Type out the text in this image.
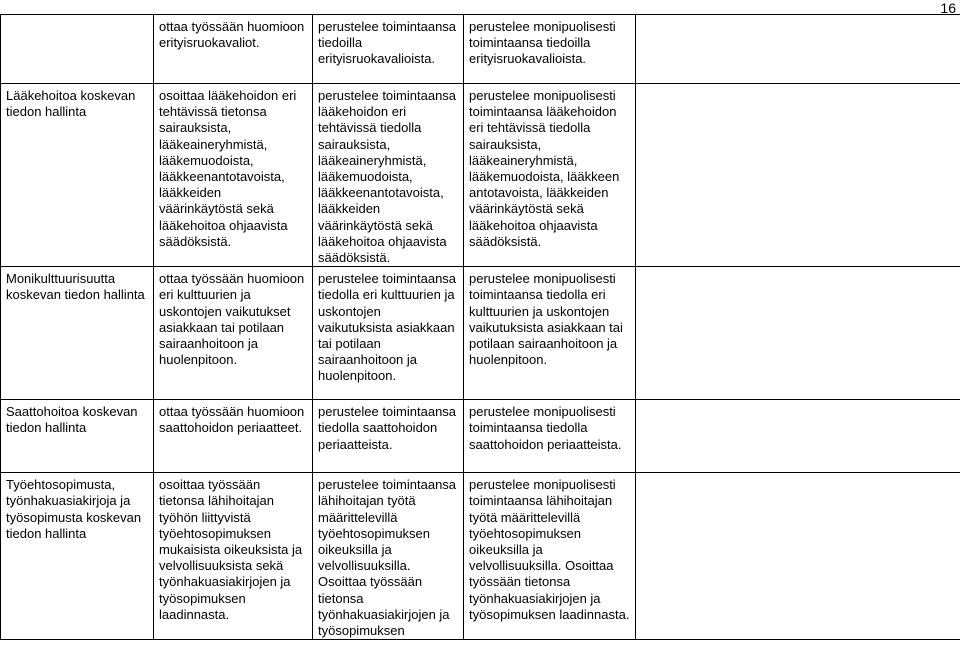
16
	ottaa työssään huomioon erityisruokavaliot.	perustelee toimintaansa tiedoilla erityisruokavalioista.	perustelee monipuolisesti toimintaansa tiedoilla erityisruokavalioista.	
Lääkehoitoa koskevan tiedon hallinta	osoittaa lääkehoidon eri tehtävissä tietonsa sairauksista, lääkeaineryhmistä, lääkemuodoista, lääkkeenantotavoista, lääkkeiden väärinkäytöstä sekä lääkehoitoa ohjaavista säädöksistä.	perustelee toimintaansa lääkehoidon eri tehtävissä tiedolla sairauksista, lääkeaineryhmistä, lääkemuodoista, lääkkeenantotavoista, lääkkeiden väärinkäytöstä sekä lääkehoitoa ohjaavista säädöksistä.	perustelee monipuolisesti toimintaansa lääkehoidon eri tehtävissä tiedolla sairauksista, lääkeaineryhmistä, lääkemuodoista, lääkkeen antotavoista, lääkkeiden väärinkäytöstä sekä lääkehoitoa ohjaavista säädöksistä.	
Monikulttuurisuutta koskevan tiedon hallinta	ottaa työssään huomioon eri kulttuurien ja uskontojen vaikutukset asiakkaan tai potilaan sairaanhoitoon ja huolenpitoon.	perustelee toimintaansa tiedolla eri kulttuurien ja uskontojen vaikutuksista asiakkaan tai potilaan sairaanhoitoon ja huolenpitoon.	perustelee monipuolisesti toimintaansa tiedolla eri kulttuurien ja uskontojen vaikutuksista asiakkaan tai potilaan sairaanhoitoon ja huolenpitoon.	
Saattohoitoa koskevan tiedon hallinta	ottaa työssään huomioon saattohoidon periaatteet.	perustelee toimintaansa tiedolla saattohoidon periaatteista.	perustelee monipuolisesti toimintaansa tiedolla saattohoidon periaatteista.	
Työehtosopimusta, työnhakuasiakirjoja ja työsopimusta koskevan tiedon hallinta	osoittaa työssään tietonsa lähihoitajan työhön liittyvistä työehtosopimuksen mukaisista oikeuksista ja velvollisuuksista sekä työnhakuasiakirjojen ja työsopimuksen laadinnasta.	perustelee toimintaansa lähihoitajan työtä määrittelevillä työehtosopimuksen oikeuksilla ja velvollisuuksilla. Osoittaa työssään tietonsa työnhakuasiakirjojen ja työsopimuksen	perustelee monipuolisesti toimintaansa lähihoitajan työtä määrittelevillä työehtosopimuksen oikeuksilla ja velvollisuuksilla. Osoittaa työssään tietonsa työnhakuasiakirjojen ja työsopimuksen laadinnasta.	
